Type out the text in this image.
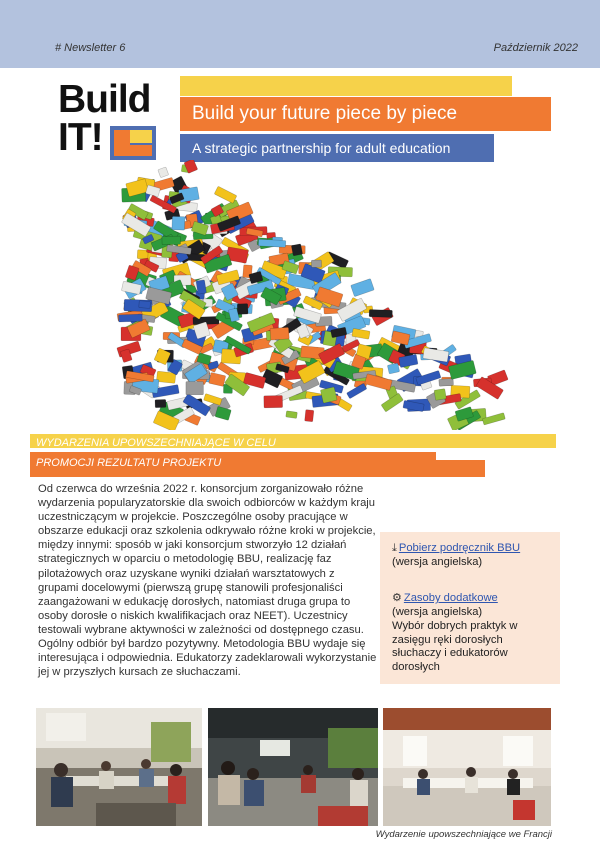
# Newsletter 6	Październik 2022
Build
IT!
Build your future piece by piece
A strategic partnership for adult education
WYDARZENIA UPOWSZECHNIAJĄCE W CELU
PROMOCJI REZULTATU PROJEKTU
Od czerwca do września 2022 r. konsorcjum zorganizowało różne wydarzenia popularyzatorskie dla swoich odbiorców w każdym kraju uczestniczącym w projekcie. Poszczególne osoby pracujące w obszarze edukacji oraz szkolenia odkrywało różne kroki w projekcie, między innymi: sposób w jaki konsorcjum stworzyło 12 działań strategicznych w oparciu o metodologię BBU, realizację faz pilotażowych oraz uzyskane wyniki działań warsztatowych z grupami docelowymi (pierwszą grupę stanowili profesjonaliści zaangażowani w edukację dorosłych, natomiast druga grupa to osoby dorosłe o niskich kwalifikacjach oraz NEET). Uczestnicy testowali wybrane aktywności w zależności od dostępnego czasu. Ogólny odbiór był bardzo pozytywny. Metodologia BBU wydaje się interesująca i odpowiednia. Edukatorzy zadeklarowali wykorzystanie jej w przyszłych kursach ze słuchaczami.
⤓ Pobierz podręcznik BBU
(wersja angielska)
⚙ Zasoby dodatkowe
(wersja angielska)
Wybór dobrych praktyk w zasięgu ręki dorosłych słuchaczy i edukatorów dorosłych
Wydarzenie upowszechniające we Francji
